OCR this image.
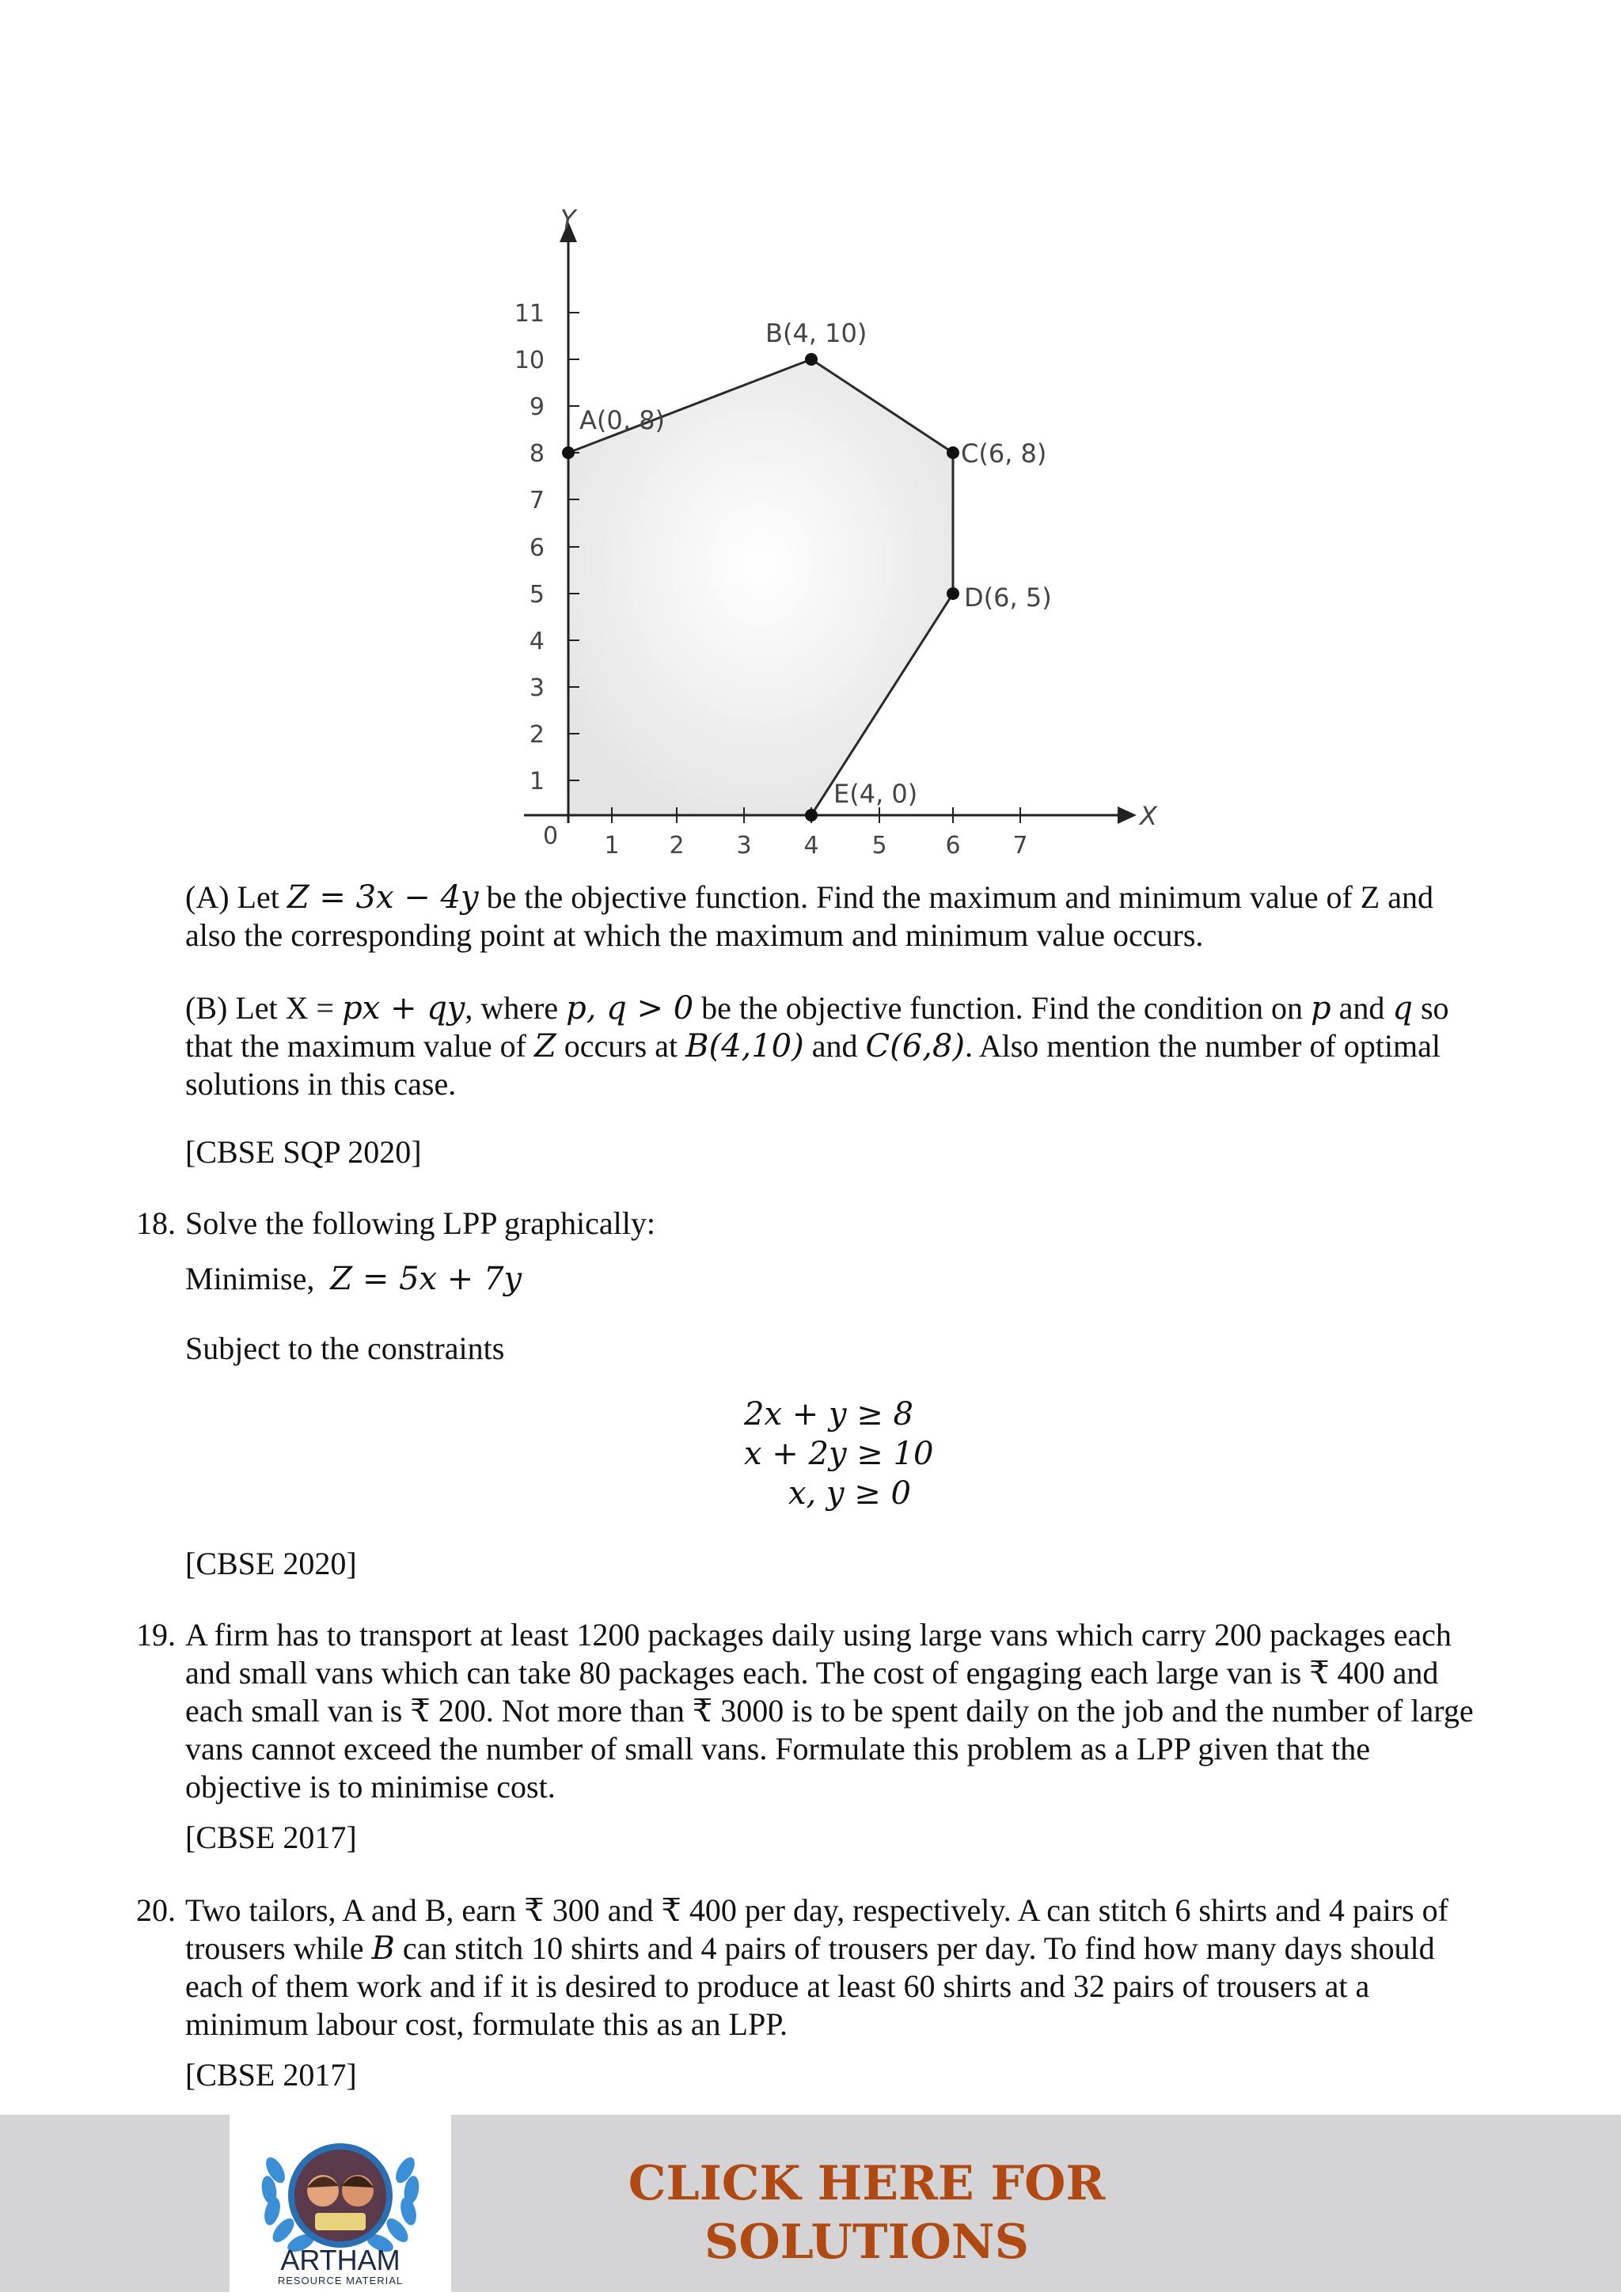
X
Y
0 1 2 3 4 5 6 7
1
2
3
4
5
6
7
8
9
10
11
A(0, 8)
B(4, 10)
C(6, 8)
D(6, 5)
E(4, 0)

(A) Let Z = 3x − 4y be the objective function. Find the maximum and minimum value of Z and also the corresponding point at which the maximum and minimum value occurs.

(B) Let X = px + qy, where p, q > 0 be the objective function. Find the condition on p and q so that the maximum value of Z occurs at B(4,10) and C(6,8). Also mention the number of optimal solutions in this case.

[CBSE SQP 2020]

18. Solve the following LPP graphically:

Minimise, Z = 5x + 7y

Subject to the constraints

2x + y ≥ 8
x + 2y ≥ 10
x, y ≥ 0

[CBSE 2020]

19. A firm has to transport at least 1200 packages daily using large vans which carry 200 packages each and small vans which can take 80 packages each. The cost of engaging each large van is ₹ 400 and each small van is ₹ 200. Not more than ₹ 3000 is to be spent daily on the job and the number of large vans cannot exceed the number of small vans. Formulate this problem as a LPP given that the objective is to minimise cost.

[CBSE 2017]

20. Two tailors, A and B, earn ₹ 300 and ₹ 400 per day, respectively. A can stitch 6 shirts and 4 pairs of trousers while B can stitch 10 shirts and 4 pairs of trousers per day. To find how many days should each of them work and if it is desired to produce at least 60 shirts and 32 pairs of trousers at a minimum labour cost, formulate this as an LPP.

[CBSE 2017]

ARTHAM
RESOURCE MATERIAL
CLICK HERE FOR
SOLUTIONS
